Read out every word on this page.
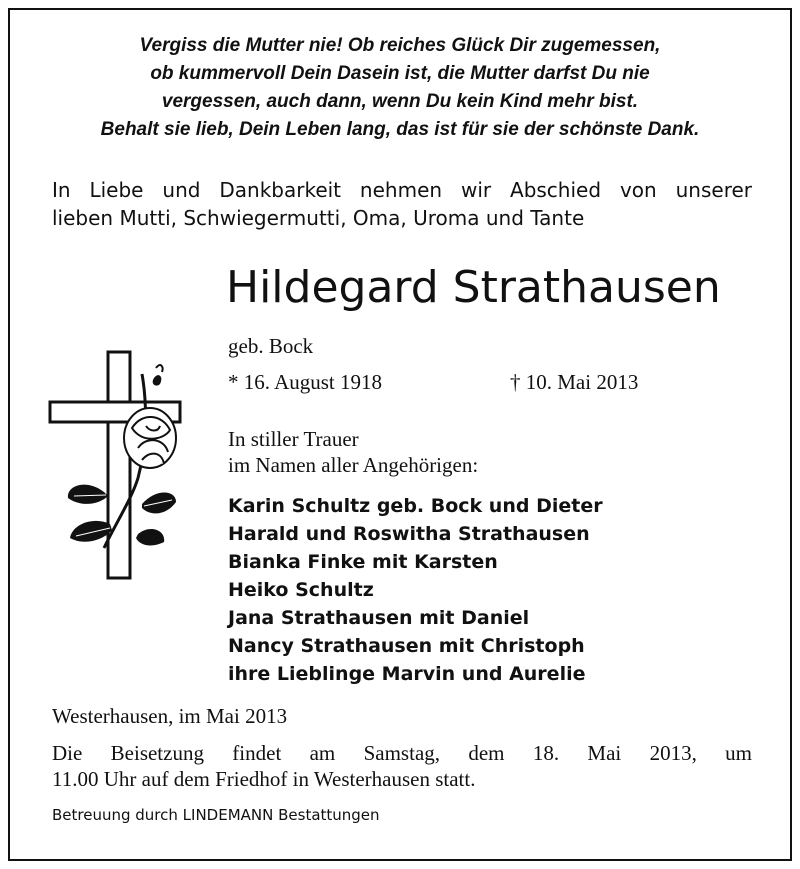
Vergiss die Mutter nie! Ob reiches Glück Dir zugemessen,
ob kummervoll Dein Dasein ist, die Mutter darfst Du nie
vergessen, auch dann, wenn Du kein Kind mehr bist.
Behalt sie lieb, Dein Leben lang, das ist für sie der schönste Dank.
In Liebe und Dankbarkeit nehmen wir Abschied von unserer
lieben Mutti, Schwiegermutti, Oma, Uroma und Tante
Hildegard Strathausen
geb. Bock
* 16. August 1918	† 10. Mai 2013
In stiller Trauer
im Namen aller Angehörigen:
Karin Schultz geb. Bock und Dieter
Harald und Roswitha Strathausen
Bianka Finke mit Karsten
Heiko Schultz
Jana Strathausen mit Daniel
Nancy Strathausen mit Christoph
ihre Lieblinge Marvin und Aurelie
Westerhausen, im Mai 2013
Die Beisetzung findet am Samstag, dem 18. Mai 2013, um
11.00 Uhr auf dem Friedhof in Westerhausen statt.
Betreuung durch LINDEMANN Bestattungen
